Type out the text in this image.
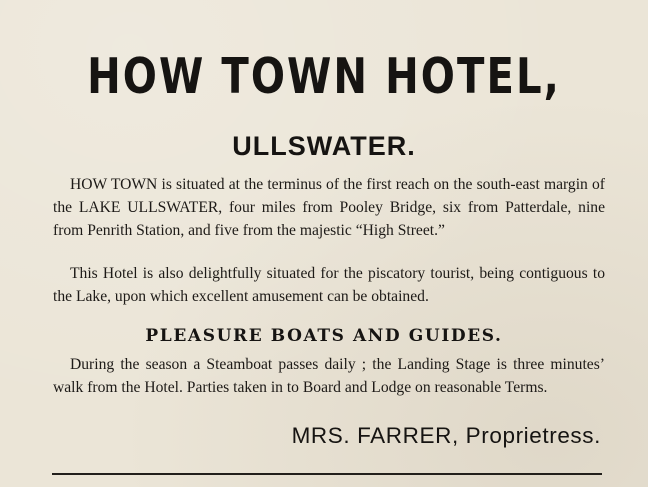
HOW TOWN HOTEL,
ULLSWATER.

HOW TOWN is situated at the terminus of the first reach on the south-east margin of the LAKE ULLSWATER, four miles from Pooley Bridge, six from Patterdale, nine from Penrith Station, and five from the majestic “High Street.”

This Hotel is also delightfully situated for the piscatory tourist, being contiguous to the Lake, upon which excellent amusement can be obtained.

PLEASURE BOATS AND GUIDES.

During the season a Steamboat passes daily ; the Landing Stage is three minutes’ walk from the Hotel. Parties taken in to Board and Lodge on reasonable Terms.

MRS. FARRER, Proprietress.
